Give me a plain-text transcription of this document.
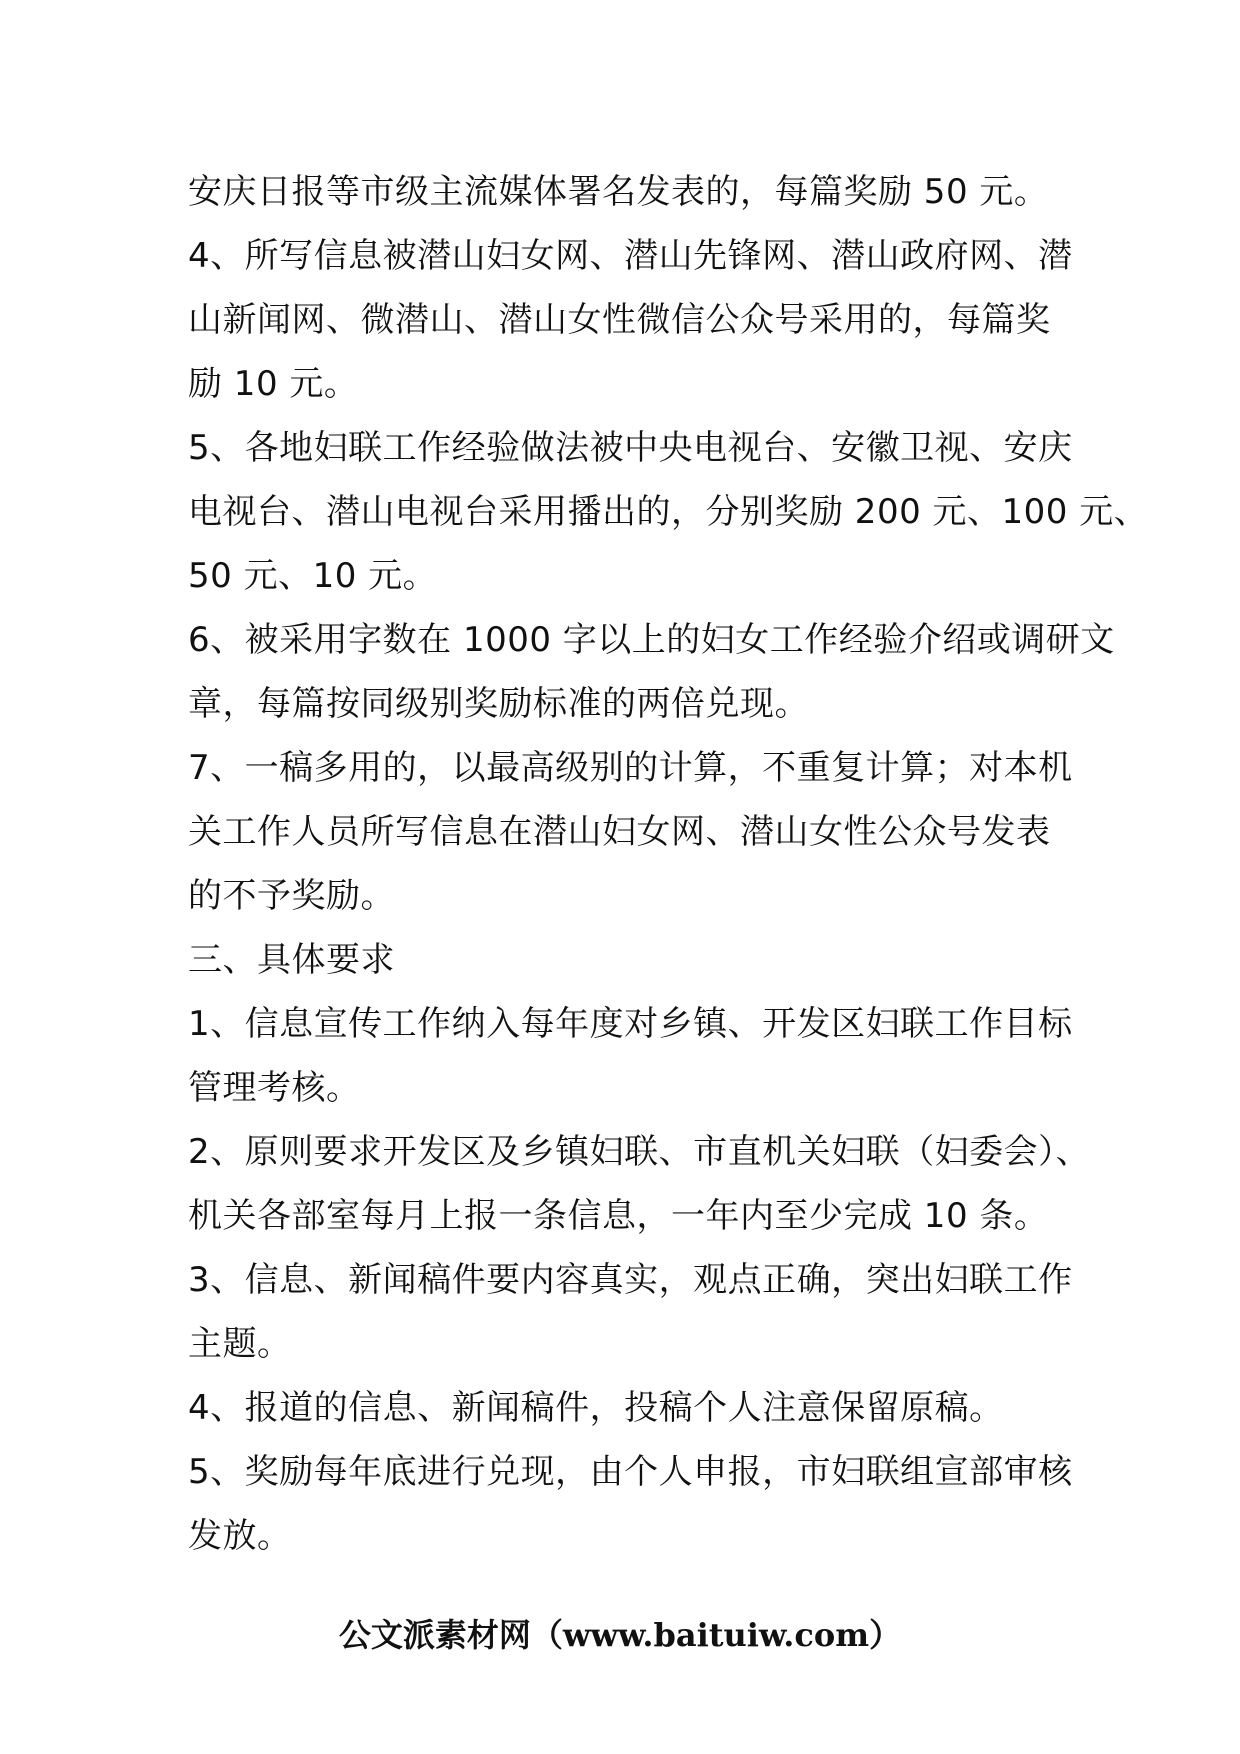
安庆日报等市级主流媒体署名发表的，每篇奖励 50 元。
4、所写信息被潜山妇女网、潜山先锋网、潜山政府网、潜
山新闻网、微潜山、潜山女性微信公众号采用的，每篇奖
励 10 元。
5、各地妇联工作经验做法被中央电视台、安徽卫视、安庆
电视台、潜山电视台采用播出的，分别奖励 200 元、100 元、
50 元、10 元。
6、被采用字数在 1000 字以上的妇女工作经验介绍或调研文
章，每篇按同级别奖励标准的两倍兑现。
7、一稿多用的，以最高级别的计算，不重复计算；对本机
关工作人员所写信息在潜山妇女网、潜山女性公众号发表
的不予奖励。
三、具体要求
1、信息宣传工作纳入每年度对乡镇、开发区妇联工作目标
管理考核。
2、原则要求开发区及乡镇妇联、市直机关妇联（妇委会）、
机关各部室每月上报一条信息，一年内至少完成 10 条。
3、信息、新闻稿件要内容真实，观点正确，突出妇联工作
主题。
4、报道的信息、新闻稿件，投稿个人注意保留原稿。
5、奖励每年底进行兑现，由个人申报，市妇联组宣部审核
发放。
公文派素材网（www.baituiw.com）
